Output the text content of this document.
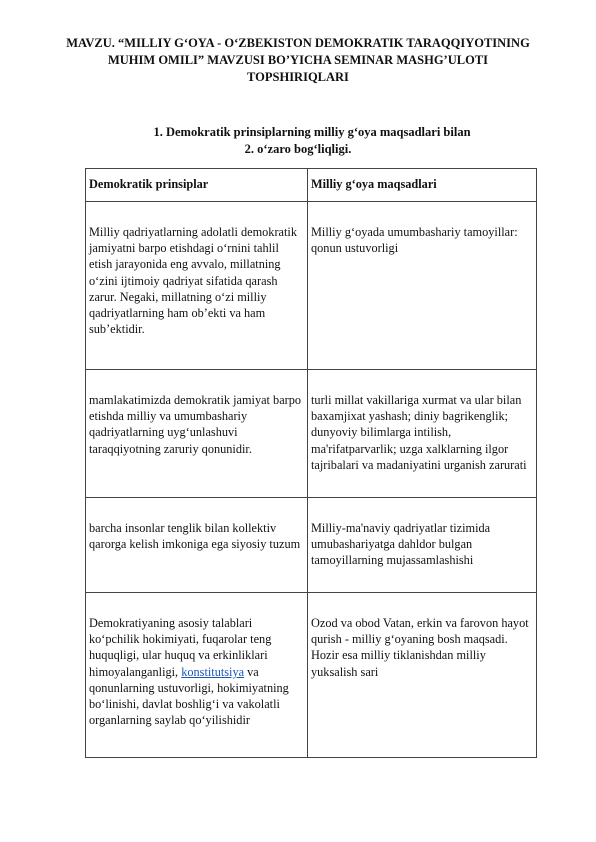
MAVZU. “MILLIY G‘OYA - O‘ZBEKISTON DEMOKRATIK TARAQQIYOTINING MUHIM OMILI” MAVZUSI BO’YICHA SEMINAR MASHG’ULOTI TOPSHIRIQLARI
1. Demokratik prinsiplarning milliy g‘oya maqsadlari bilan
2. o‘zaro bog‘liqligi.
Demokratik prinsiplar	Milliy g‘oya maqsadlari
Milliy qadriyatlarning adolatli demokratik jamiyatni barpo etishdagi o‘rnini tahlil etish jarayonida eng avvalo, millatning o‘zini ijtimoiy qadriyat sifatida qarash zarur. Negaki, millatning o‘zi milliy qadriyatlarning ham ob’ekti va ham sub’ektidir.	Milliy g‘oyada umumbashariy tamoyillar: qonun ustuvorligi
mamlakatimizda demokratik jamiyat barpo etishda milliy va umumbashariy qadriyatlarning uyg‘unlashuvi taraqqiyotning zaruriy qonunidir.	turli millat vakillariga xurmat va ular bilan baxamjixat yashash; diniy bagrikenglik; dunyoviy bilimlarga intilish, ma'rifatparvarlik; uzga xalklarning ilgor tajribalari va madaniyatini urganish zarurati
barcha insonlar tenglik bilan kollektiv qarorga kelish imkoniga ega siyosiy tuzum	Milliy-ma'naviy qadriyatlar tizimida umubashariyatga dahldor bulgan tamoyillarning mujassamlashishi
Demokratiyaning asosiy talablari ko‘pchilik hokimiyati, fuqarolar teng huquqligi, ular huquq va erkinliklari himoyalanganligi, konstitutsiya va qonunlarning ustuvorligi, hokimiyatning bo‘linishi, davlat boshlig‘i va vakolatli organlarning saylab qo‘yilishidir	Ozod va obod Vatan, erkin va farovon hayot qurish - milliy g‘oyaning bosh maqsadi.
Hozir esa milliy tiklanishdan milliy yuksalish sari
